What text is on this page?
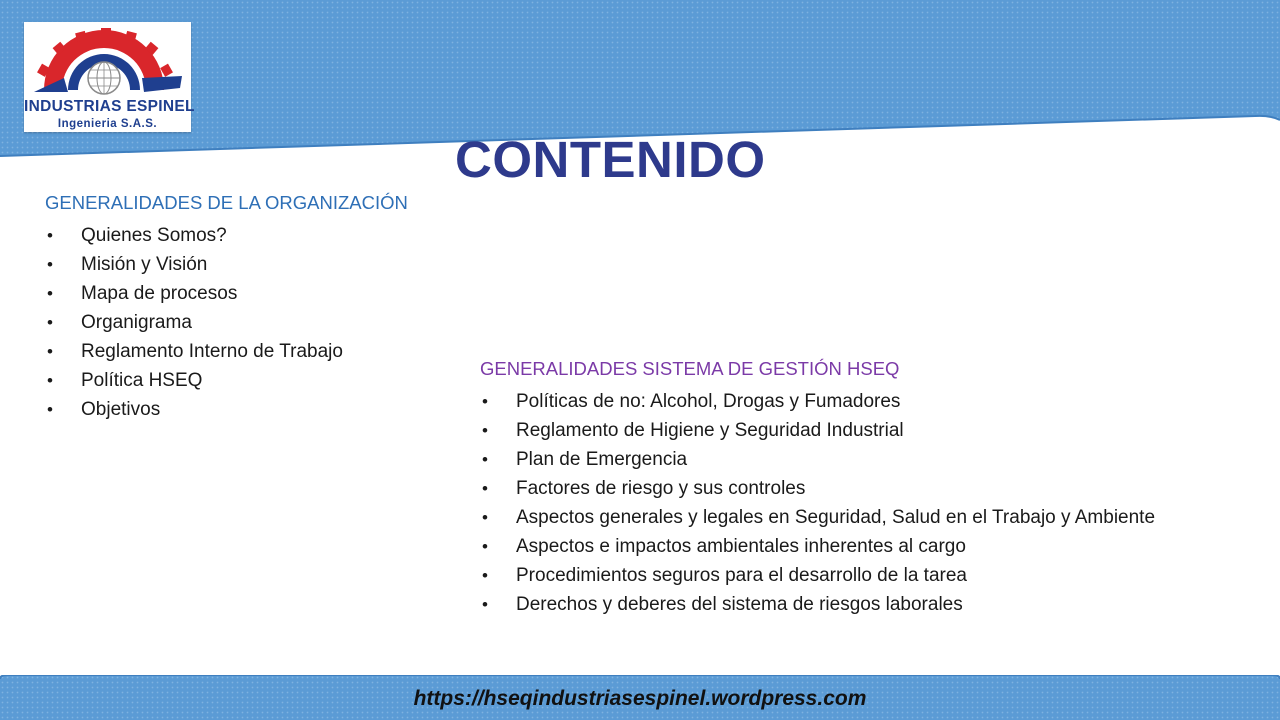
INDUSTRIAS ESPINEL
Ingenieria S.A.S.
CONTENIDO
GENERALIDADES DE LA ORGANIZACIÓN
• Quienes Somos?
• Misión y Visión
• Mapa de procesos
• Organigrama
• Reglamento Interno de Trabajo
• Política HSEQ
• Objetivos
GENERALIDADES SISTEMA DE GESTIÓN HSEQ
• Políticas de no: Alcohol, Drogas y Fumadores
• Reglamento de Higiene y Seguridad Industrial
• Plan de Emergencia
• Factores de riesgo y sus controles
• Aspectos generales y legales en Seguridad, Salud en el Trabajo y Ambiente
• Aspectos e impactos ambientales inherentes al cargo
• Procedimientos seguros para el desarrollo de la tarea
• Derechos y deberes del sistema de riesgos laborales
https://hseqindustriasespinel.wordpress.com
